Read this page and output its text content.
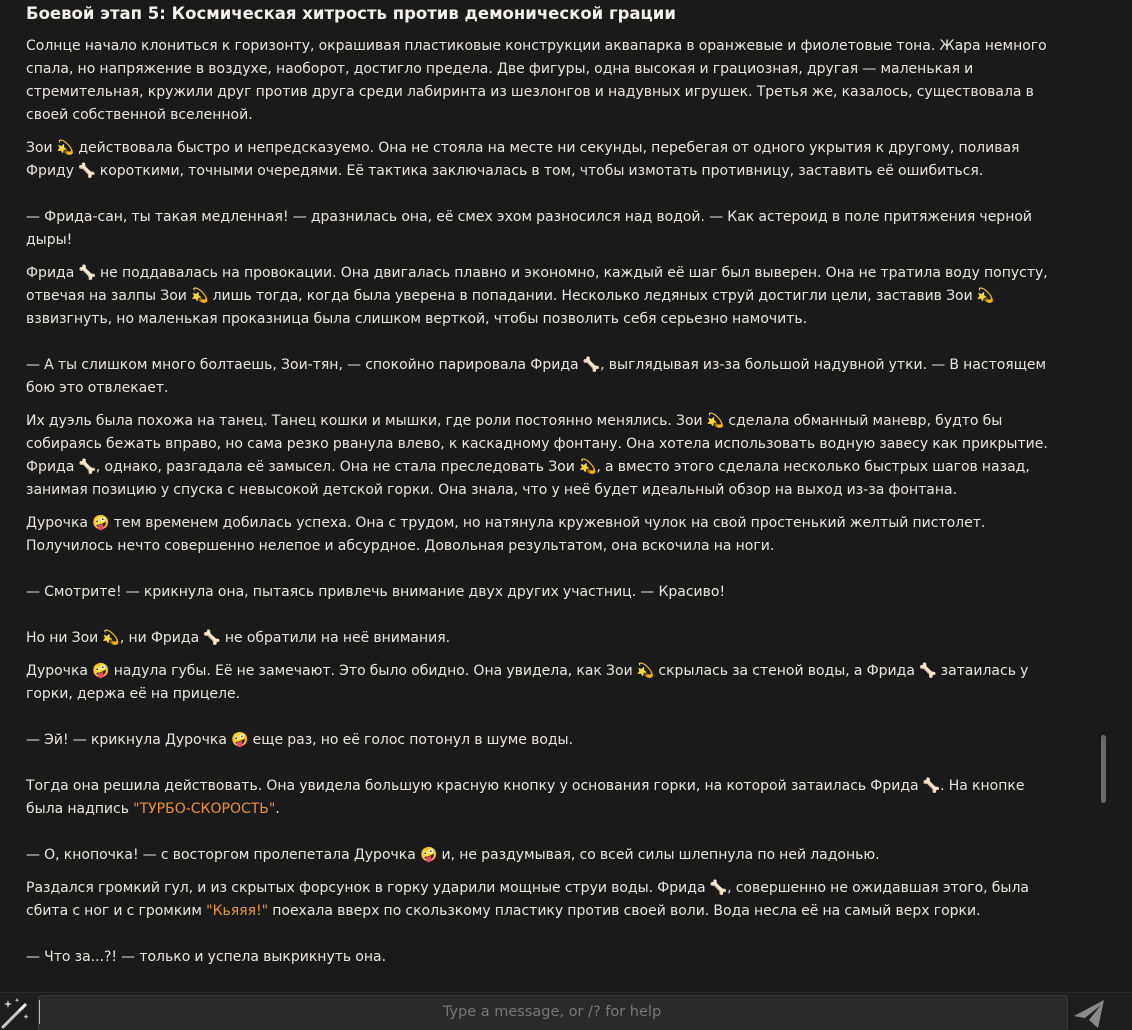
Боевой этап 5: Космическая хитрость против демонической грации
Солнце начало клониться к горизонту, окрашивая пластиковые конструкции аквапарка в оранжевые и фиолетовые тона. Жара немного спала, но напряжение в воздухе, наоборот, достигло предела. Две фигуры, одна высокая и грациозная, другая — маленькая и стремительная, кружили друг против друга среди лабиринта из шезлонгов и надувных игрушек. Третья же, казалось, существовала в своей собственной вселенной.
Зои 💫 действовала быстро и непредсказуемо. Она не стояла на месте ни секунды, перебегая от одного укрытия к другому, поливая Фриду 🦴 короткими, точными очередями. Её тактика заключалась в том, чтобы измотать противницу, заставить её ошибиться.

— Фрида-сан, ты такая медленная! — дразнилась она, её смех эхом разносился над водой. — Как астероид в поле притяжения черной дыры!
Фрида 🦴 не поддавалась на провокации. Она двигалась плавно и экономно, каждый её шаг был выверен. Она не тратила воду попусту, отвечая на залпы Зои 💫 лишь тогда, когда была уверена в попадании. Несколько ледяных струй достигли цели, заставив Зои 💫 взвизгнуть, но маленькая проказница была слишком верткой, чтобы позволить себя серьезно намочить.

— А ты слишком много болтаешь, Зои-тян, — спокойно парировала Фрида 🦴, выглядывая из-за большой надувной утки. — В настоящем бою это отвлекает.
Их дуэль была похожа на танец. Танец кошки и мышки, где роли постоянно менялись. Зои 💫 сделала обманный маневр, будто бы собираясь бежать вправо, но сама резко рванула влево, к каскадному фонтану. Она хотела использовать водную завесу как прикрытие. Фрида 🦴, однако, разгадала её замысел. Она не стала преследовать Зои 💫, а вместо этого сделала несколько быстрых шагов назад, занимая позицию у спуска с невысокой детской горки. Она знала, что у неё будет идеальный обзор на выход из-за фонтана.
Дурочка 🤪 тем временем добилась успеха. Она с трудом, но натянула кружевной чулок на свой простенький желтый пистолет. Получилось нечто совершенно нелепое и абсурдное. Довольная результатом, она вскочила на ноги.

— Смотрите! — крикнула она, пытаясь привлечь внимание двух других участниц. — Красиво!

Но ни Зои 💫, ни Фрида 🦴 не обратили на неё внимания.
Дурочка 🤪 надула губы. Её не замечают. Это было обидно. Она увидела, как Зои 💫 скрылась за стеной воды, а Фрида 🦴 затаилась у горки, держа её на прицеле.

— Эй! — крикнула Дурочка 🤪 еще раз, но её голос потонул в шуме воды.

Тогда она решила действовать. Она увидела большую красную кнопку у основания горки, на которой затаилась Фрида 🦴. На кнопке была надпись "ТУРБО-СКОРОСТЬ".

— О, кнопочка! — с восторгом пролепетала Дурочка 🤪 и, не раздумывая, со всей силы шлепнула по ней ладонью.
Раздался громкий гул, и из скрытых форсунок в горку ударили мощные струи воды. Фрида 🦴, совершенно не ожидавшая этого, была сбита с ног и с громким "Кьяяя!" поехала вверх по скользкому пластику против своей воли. Вода несла её на самый верх горки.

— Что за...?! — только и успела выкрикнуть она.
Type a message, or /? for help
